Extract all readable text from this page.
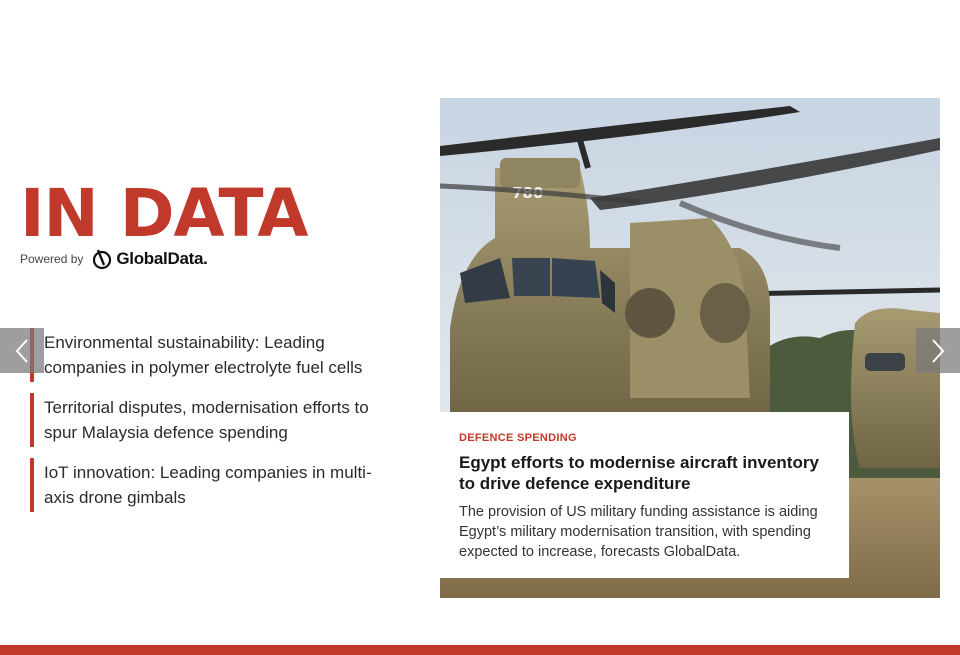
IN DATA
Powered by GlobalData.
Environmental sustainability: Leading companies in polymer electrolyte fuel cells
Territorial disputes, modernisation efforts to spur Malaysia defence spending
IoT innovation: Leading companies in multi-axis drone gimbals
780
DEFENCE SPENDING
Egypt efforts to modernise aircraft inventory to drive defence expenditure
The provision of US military funding assistance is aiding Egypt’s military modernisation transition, with spending expected to increase, forecasts GlobalData.
